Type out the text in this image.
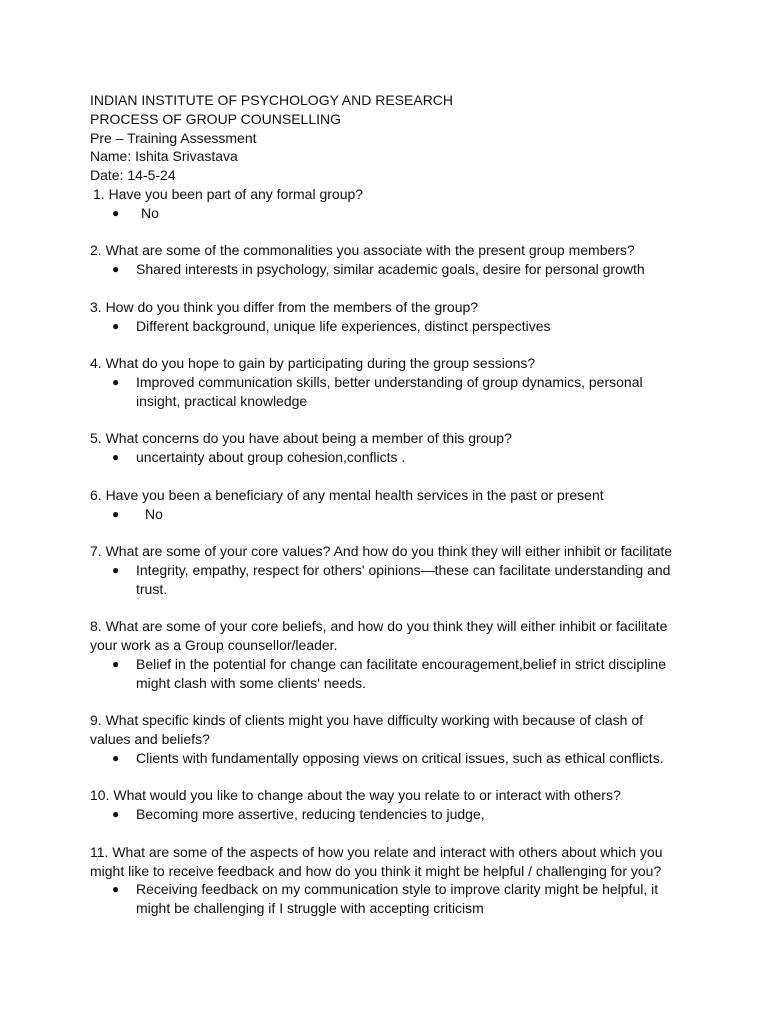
INDIAN INSTITUTE OF PSYCHOLOGY AND RESEARCH

PROCESS OF GROUP COUNSELLING

Pre – Training Assessment

Name: Ishita Srivastava

Date: 14-5-24

1. Have you been part of any formal group?

●	No

2. What are some of the commonalities you associate with the present group members?

● Shared interests in psychology, similar academic goals, desire for personal growth

3. How do you think you differ from the members of the group?

● Different background, unique life experiences, distinct perspectives

4. What do you hope to gain by participating during the group sessions?

● Improved communication skills, better understanding of group dynamics, personal insight, practical knowledge

5. What concerns do you have about being a member of this group?

● uncertainty about group cohesion,conflicts .

6. Have you been a beneficiary of any mental health services in the past or present

●	No

7. What are some of your core values? And how do you think they will either inhibit or facilitate

● Integrity, empathy, respect for others' opinions—these can facilitate understanding and trust.

8. What are some of your core beliefs, and how do you think they will either inhibit or facilitate your work as a Group counsellor/leader.

● Belief in the potential for change can facilitate encouragement,belief in strict discipline might clash with some clients' needs.

9. What specific kinds of clients might you have difficulty working with because of clash of values and beliefs?

● Clients with fundamentally opposing views on critical issues, such as ethical conflicts.

10. What would you like to change about the way you relate to or interact with others?

● Becoming more assertive, reducing tendencies to judge,

11. What are some of the aspects of how you relate and interact with others about which you might like to receive feedback and how do you think it might be helpful / challenging for you?

● Receiving feedback on my communication style to improve clarity might be helpful, it might be challenging if I struggle with accepting criticism
